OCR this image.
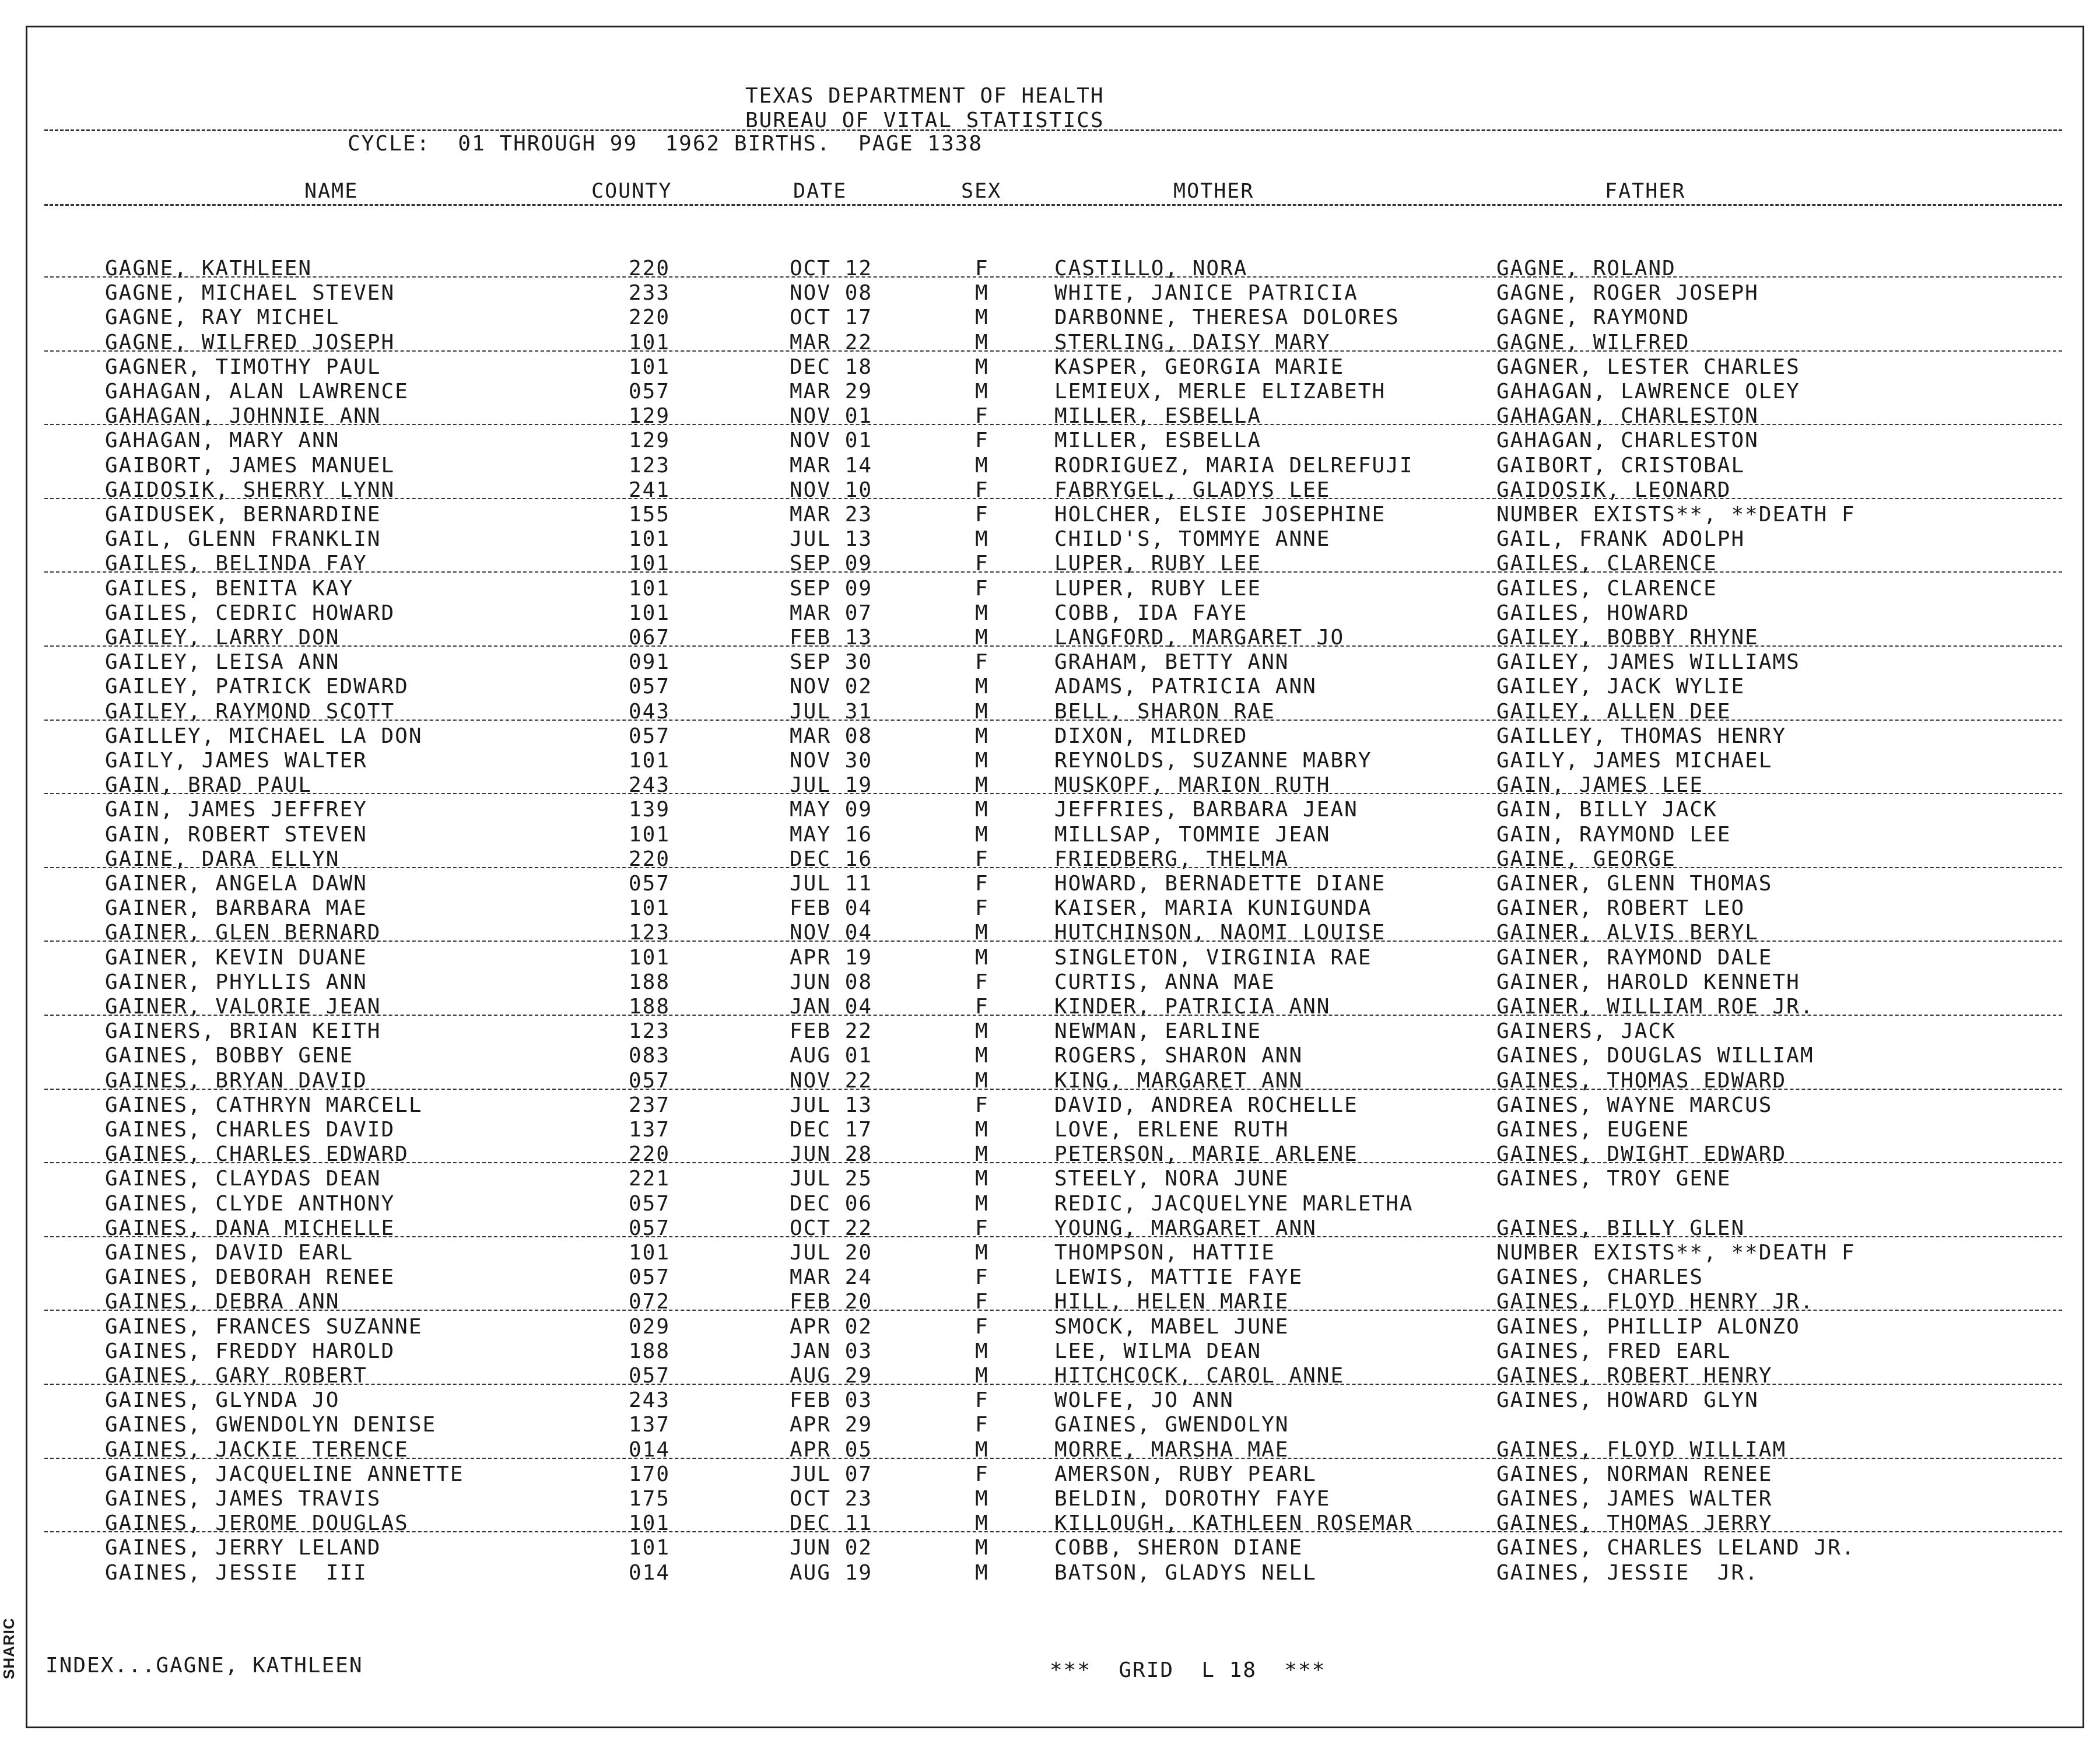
TEXAS DEPARTMENT OF HEALTH
BUREAU OF VITAL STATISTICS
CYCLE:  01 THROUGH 99  1962 BIRTHS.  PAGE 1338
NAME	COUNTY	DATE	SEX	MOTHER	FATHER
GAGNE, KATHLEEN	220	OCT 12	F	CASTILLO, NORA	GAGNE, ROLAND
GAGNE, MICHAEL STEVEN	233	NOV 08	M	WHITE, JANICE PATRICIA	GAGNE, ROGER JOSEPH
GAGNE, RAY MICHEL	220	OCT 17	M	DARBONNE, THERESA DOLORES	GAGNE, RAYMOND
GAGNE, WILFRED JOSEPH	101	MAR 22	M	STERLING, DAISY MARY	GAGNE, WILFRED
GAGNER, TIMOTHY PAUL	101	DEC 18	M	KASPER, GEORGIA MARIE	GAGNER, LESTER CHARLES
GAHAGAN, ALAN LAWRENCE	057	MAR 29	M	LEMIEUX, MERLE ELIZABETH	GAHAGAN, LAWRENCE OLEY
GAHAGAN, JOHNNIE ANN	129	NOV 01	F	MILLER, ESBELLA	GAHAGAN, CHARLESTON
GAHAGAN, MARY ANN	129	NOV 01	F	MILLER, ESBELLA	GAHAGAN, CHARLESTON
GAIBORT, JAMES MANUEL	123	MAR 14	M	RODRIGUEZ, MARIA DELREFUJI	GAIBORT, CRISTOBAL
GAIDOSIK, SHERRY LYNN	241	NOV 10	F	FABRYGEL, GLADYS LEE	GAIDOSIK, LEONARD
GAIDUSEK, BERNARDINE	155	MAR 23	F	HOLCHER, ELSIE JOSEPHINE	NUMBER EXISTS**, **DEATH F
GAIL, GLENN FRANKLIN	101	JUL 13	M	CHILD'S, TOMMYE ANNE	GAIL, FRANK ADOLPH
GAILES, BELINDA FAY	101	SEP 09	F	LUPER, RUBY LEE	GAILES, CLARENCE
GAILES, BENITA KAY	101	SEP 09	F	LUPER, RUBY LEE	GAILES, CLARENCE
GAILES, CEDRIC HOWARD	101	MAR 07	M	COBB, IDA FAYE	GAILES, HOWARD
GAILEY, LARRY DON	067	FEB 13	M	LANGFORD, MARGARET JO	GAILEY, BOBBY RHYNE
GAILEY, LEISA ANN	091	SEP 30	F	GRAHAM, BETTY ANN	GAILEY, JAMES WILLIAMS
GAILEY, PATRICK EDWARD	057	NOV 02	M	ADAMS, PATRICIA ANN	GAILEY, JACK WYLIE
GAILEY, RAYMOND SCOTT	043	JUL 31	M	BELL, SHARON RAE	GAILEY, ALLEN DEE
GAILLEY, MICHAEL LA DON	057	MAR 08	M	DIXON, MILDRED	GAILLEY, THOMAS HENRY
GAILY, JAMES WALTER	101	NOV 30	M	REYNOLDS, SUZANNE MABRY	GAILY, JAMES MICHAEL
GAIN, BRAD PAUL	243	JUL 19	M	MUSKOPF, MARION RUTH	GAIN, JAMES LEE
GAIN, JAMES JEFFREY	139	MAY 09	M	JEFFRIES, BARBARA JEAN	GAIN, BILLY JACK
GAIN, ROBERT STEVEN	101	MAY 16	M	MILLSAP, TOMMIE JEAN	GAIN, RAYMOND LEE
GAINE, DARA ELLYN	220	DEC 16	F	FRIEDBERG, THELMA	GAINE, GEORGE
GAINER, ANGELA DAWN	057	JUL 11	F	HOWARD, BERNADETTE DIANE	GAINER, GLENN THOMAS
GAINER, BARBARA MAE	101	FEB 04	F	KAISER, MARIA KUNIGUNDA	GAINER, ROBERT LEO
GAINER, GLEN BERNARD	123	NOV 04	M	HUTCHINSON, NAOMI LOUISE	GAINER, ALVIS BERYL
GAINER, KEVIN DUANE	101	APR 19	M	SINGLETON, VIRGINIA RAE	GAINER, RAYMOND DALE
GAINER, PHYLLIS ANN	188	JUN 08	F	CURTIS, ANNA MAE	GAINER, HAROLD KENNETH
GAINER, VALORIE JEAN	188	JAN 04	F	KINDER, PATRICIA ANN	GAINER, WILLIAM ROE JR.
GAINERS, BRIAN KEITH	123	FEB 22	M	NEWMAN, EARLINE	GAINERS, JACK
GAINES, BOBBY GENE	083	AUG 01	M	ROGERS, SHARON ANN	GAINES, DOUGLAS WILLIAM
GAINES, BRYAN DAVID	057	NOV 22	M	KING, MARGARET ANN	GAINES, THOMAS EDWARD
GAINES, CATHRYN MARCELL	237	JUL 13	F	DAVID, ANDREA ROCHELLE	GAINES, WAYNE MARCUS
GAINES, CHARLES DAVID	137	DEC 17	M	LOVE, ERLENE RUTH	GAINES, EUGENE
GAINES, CHARLES EDWARD	220	JUN 28	M	PETERSON, MARIE ARLENE	GAINES, DWIGHT EDWARD
GAINES, CLAYDAS DEAN	221	JUL 25	M	STEELY, NORA JUNE	GAINES, TROY GENE
GAINES, CLYDE ANTHONY	057	DEC 06	M	REDIC, JACQUELYNE MARLETHA
GAINES, DANA MICHELLE	057	OCT 22	F	YOUNG, MARGARET ANN	GAINES, BILLY GLEN
GAINES, DAVID EARL	101	JUL 20	M	THOMPSON, HATTIE	NUMBER EXISTS**, **DEATH F
GAINES, DEBORAH RENEE	057	MAR 24	F	LEWIS, MATTIE FAYE	GAINES, CHARLES
GAINES, DEBRA ANN	072	FEB 20	F	HILL, HELEN MARIE	GAINES, FLOYD HENRY JR.
GAINES, FRANCES SUZANNE	029	APR 02	F	SMOCK, MABEL JUNE	GAINES, PHILLIP ALONZO
GAINES, FREDDY HAROLD	188	JAN 03	M	LEE, WILMA DEAN	GAINES, FRED EARL
GAINES, GARY ROBERT	057	AUG 29	M	HITCHCOCK, CAROL ANNE	GAINES, ROBERT HENRY
GAINES, GLYNDA JO	243	FEB 03	F	WOLFE, JO ANN	GAINES, HOWARD GLYN
GAINES, GWENDOLYN DENISE	137	APR 29	F	GAINES, GWENDOLYN
GAINES, JACKIE TERENCE	014	APR 05	M	MORRE, MARSHA MAE	GAINES, FLOYD WILLIAM
GAINES, JACQUELINE ANNETTE	170	JUL 07	F	AMERSON, RUBY PEARL	GAINES, NORMAN RENEE
GAINES, JAMES TRAVIS	175	OCT 23	M	BELDIN, DOROTHY FAYE	GAINES, JAMES WALTER
GAINES, JEROME DOUGLAS	101	DEC 11	M	KILLOUGH, KATHLEEN ROSEMAR	GAINES, THOMAS JERRY
GAINES, JERRY LELAND	101	JUN 02	M	COBB, SHERON DIANE	GAINES, CHARLES LELAND JR.
GAINES, JESSIE  III	014	AUG 19	M	BATSON, GLADYS NELL	GAINES, JESSIE  JR.
INDEX...GAGNE, KATHLEEN	***  GRID  L 18  ***
SHARIC
